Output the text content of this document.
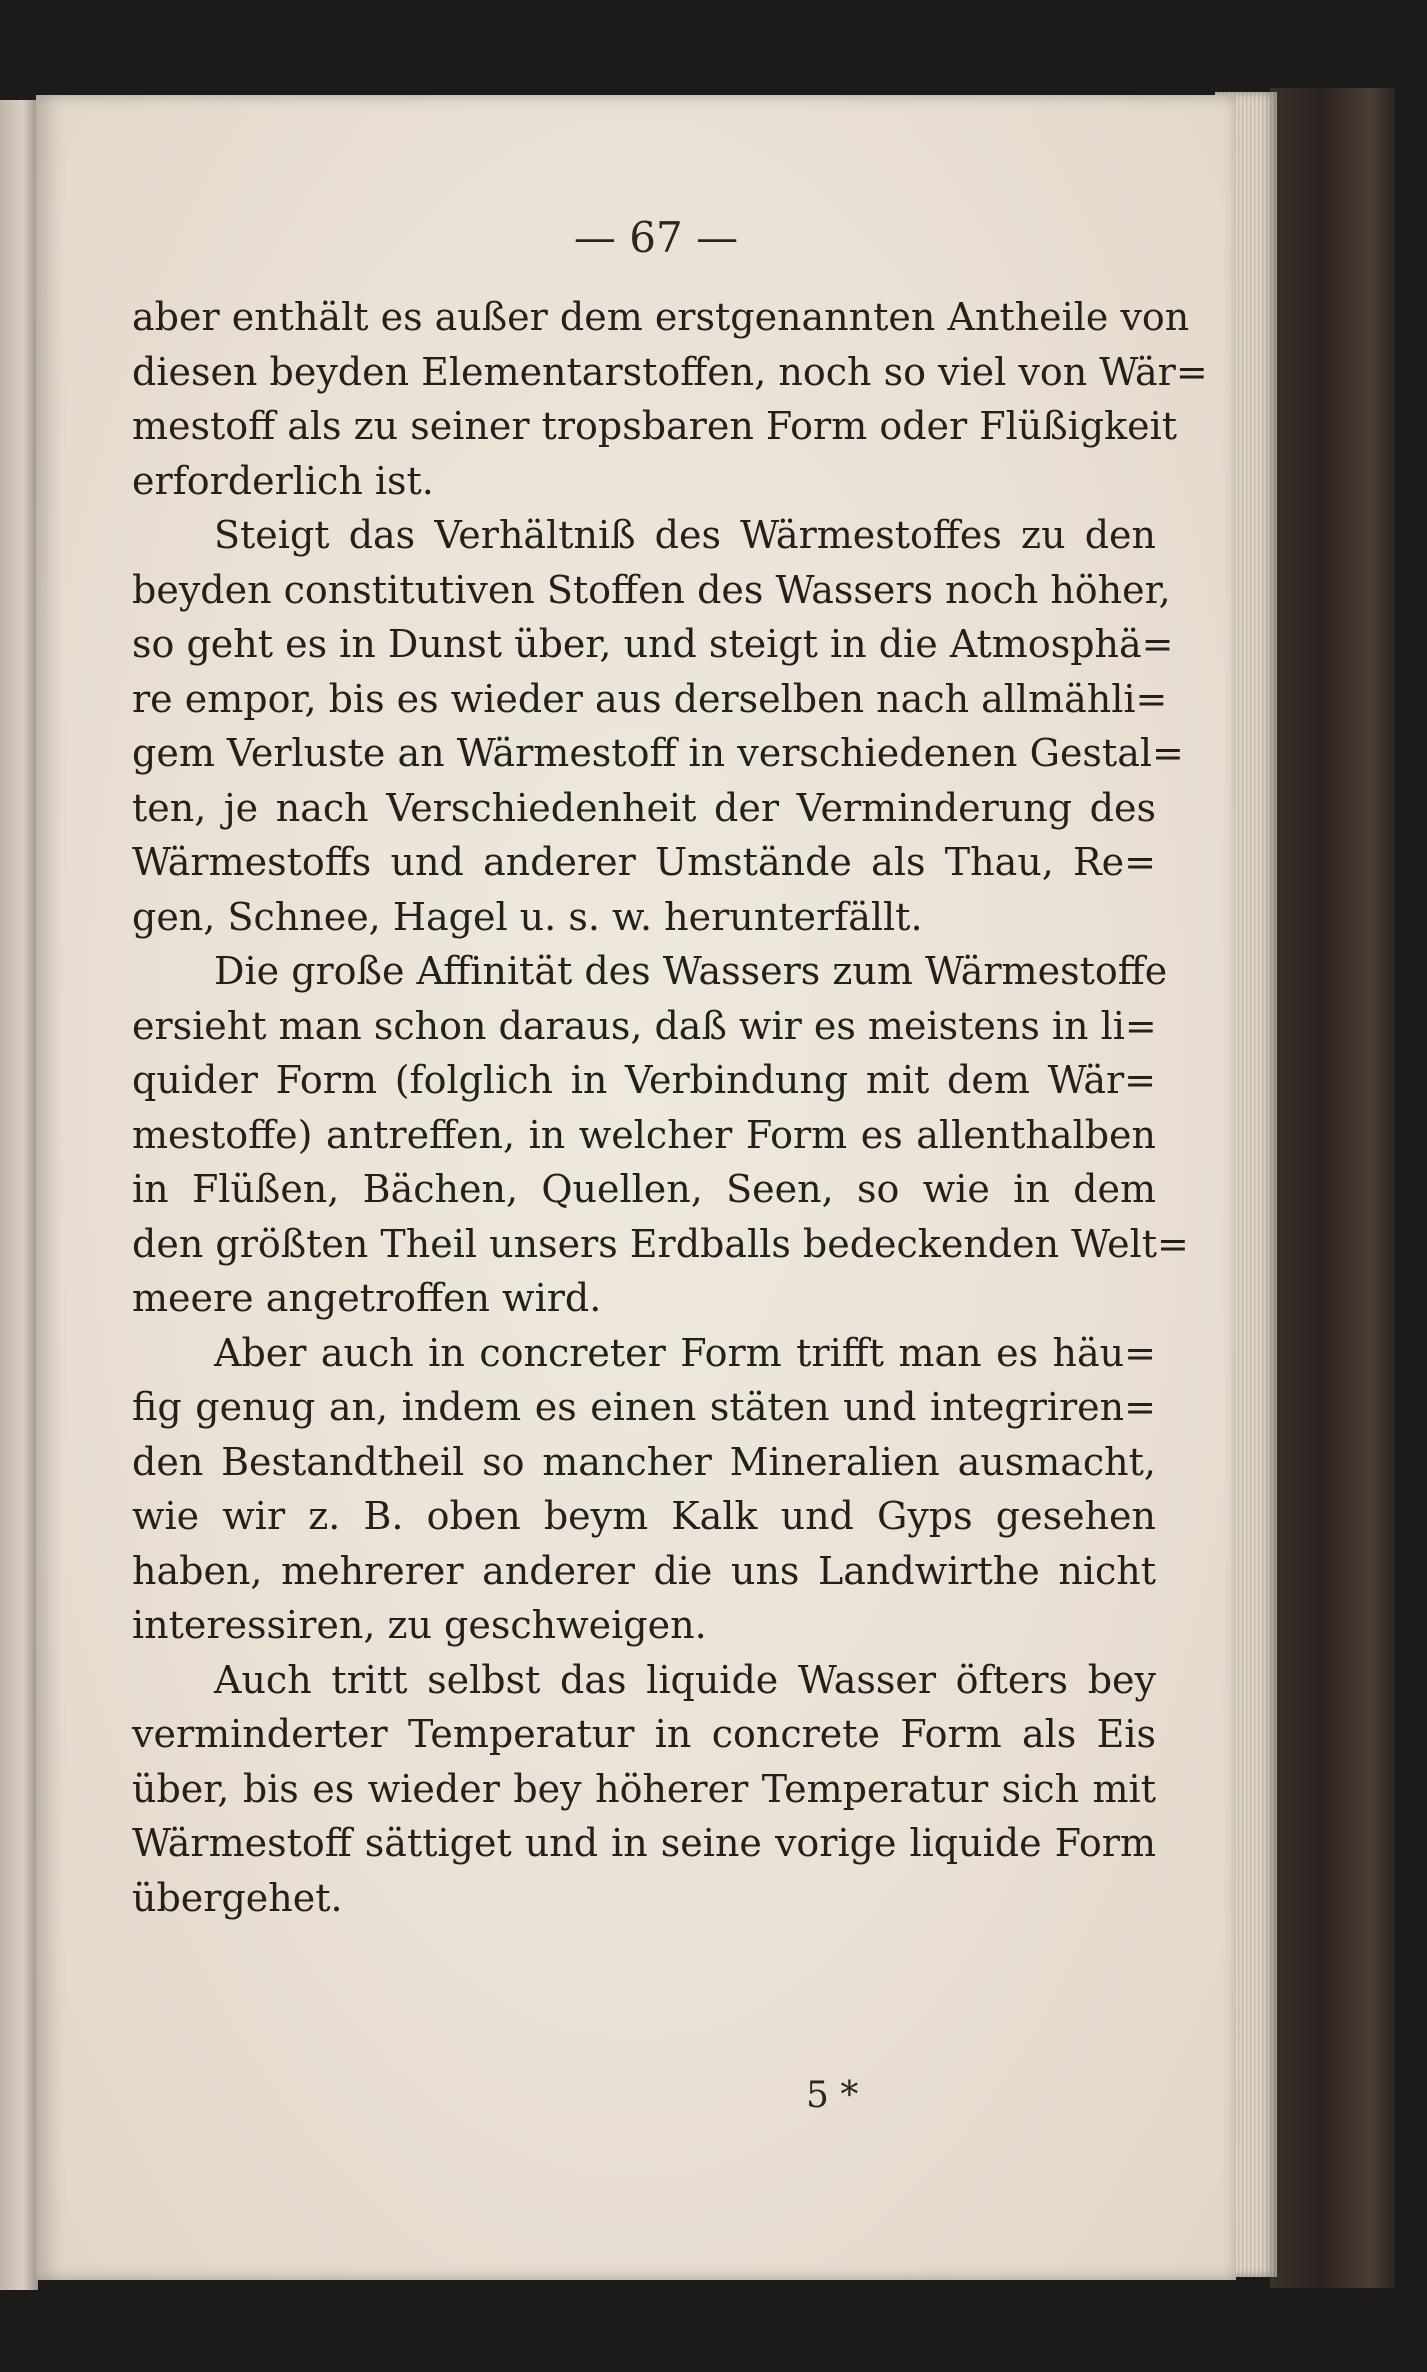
— 67 —
aber enthält es außer dem erstgenannten Antheile von
diesen beyden Elementarstoffen, noch so viel von Wär=
mestoff als zu seiner tropsbaren Form oder Flüßigkeit
erforderlich ist.
Steigt das Verhältniß des Wärmestoffes zu den
beyden constitutiven Stoffen des Wassers noch höher,
so geht es in Dunst über, und steigt in die Atmosphä=
re empor, bis es wieder aus derselben nach allmähli=
gem Verluste an Wärmestoff in verschiedenen Gestal=
ten, je nach Verschiedenheit der Verminderung des
Wärmestoffs und anderer Umstände als Thau, Re=
gen, Schnee, Hagel u. s. w. herunterfällt.
Die große Affinität des Wassers zum Wärmestoffe
ersieht man schon daraus, daß wir es meistens in li=
quider Form (folglich in Verbindung mit dem Wär=
mestoffe) antreffen, in welcher Form es allenthalben
in Flüßen, Bächen, Quellen, Seen, so wie in dem
den größten Theil unsers Erdballs bedeckenden Welt=
meere angetroffen wird.
Aber auch in concreter Form trifft man es häu=
fig genug an, indem es einen stäten und integriren=
den Bestandtheil so mancher Mineralien ausmacht,
wie wir z. B. oben beym Kalk und Gyps gesehen
haben, mehrerer anderer die uns Landwirthe nicht
interessiren, zu geschweigen.
Auch tritt selbst das liquide Wasser öfters bey
verminderter Temperatur in concrete Form als Eis
über, bis es wieder bey höherer Temperatur sich mit
Wärmestoff sättiget und in seine vorige liquide Form
übergehet.
5 *
